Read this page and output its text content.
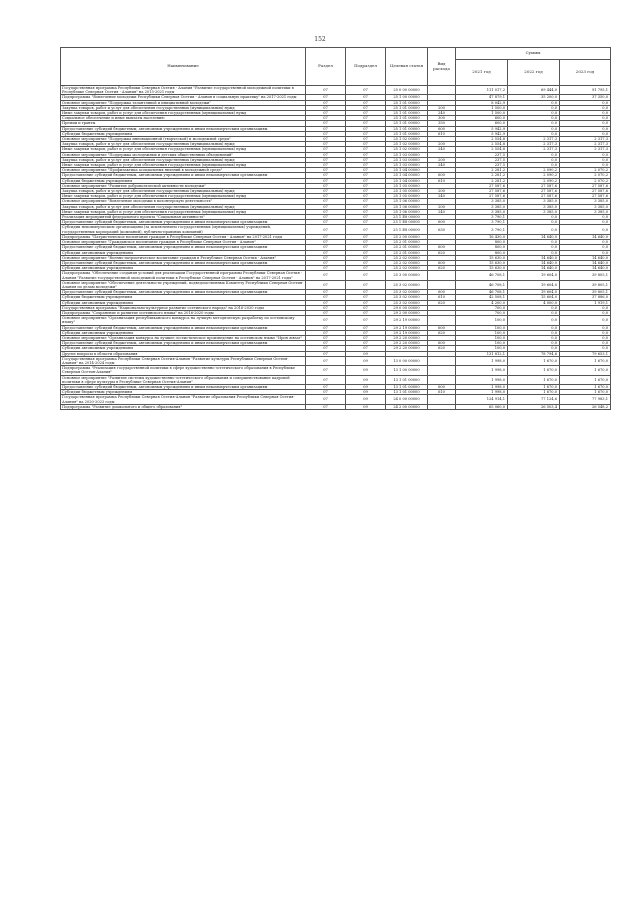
152
Наименование	Раздел	Подраздел	Целевая статья	Вид расхода	Суммы		
					2021 год	2022 год	2023 год
Государственная программа Республики Северная Осетия - Алания "Развитие государственной молодежной политики в Республике Северная Осетия - Алания" на 2015-2021 годы	07	07	25 0 00 00000		111 017,2	69 444,0	91 795,1
Подпрограмма "Вовлечение молодежи Республики Северная Осетия - Алания в социальную практику" на 2017-2021 годы	07	07	25 1 00 00000		47 879,1	35 200,0	37 350,0
Основное мероприятие "Поддержка талантливой и инициативной молодежи"	07	07	25 1 01 00000		8 042,9	0,0	0,0
Закупка товаров, работ и услуг для обеспечения государственных (муниципальных) нужд	07	07	25 1 01 00000	200	1 500,0	0,0	0,0
Иные закупки товаров, работ и услуг для обеспечения государственных (муниципальных) нужд	07	07	25 1 01 00000	240	1 500,0	0,0	0,0
Социальное обеспечение и иные выплаты населению	07	07	25 1 01 00000	300	600,0	0,0	0,0
Премии и гранты	07	07	25 1 01 00000	350	600,0	0,0	0,0
Предоставление субсидий бюджетным, автономным учреждениям и иным некоммерческим организациям	07	07	25 1 01 00000	600	5 942,9	0,0	0,0
Субсидии бюджетным учреждениям	07	07	25 1 01 00000	610	5 942,9	0,0	0,0
Основное мероприятие "Поддержка инновационной (творческой) и молодежной среды"	07	07	25 1 02 00000		2 554,8	2 317,3	2 317,3
Закупка товаров, работ и услуг для обеспечения государственных (муниципальных) нужд	07	07	25 1 02 00000	200	2 554,8	2 317,3	2 317,3
Иные закупки товаров, работ и услуг для обеспечения государственных (муниципальных) нужд	07	07	25 1 02 00000	240	2 554,8	2 317,3	2 317,3
Основное мероприятие "Поддержка молодежных и детских общественных объединений"	07	07	25 1 03 00000		237,5	0,0	0,0
Закупка товаров, работ и услуг для обеспечения государственных (муниципальных) нужд	07	07	25 1 03 00000	200	237,5	0,0	0,0
Иные закупки товаров, работ и услуг для обеспечения государственных (муниципальных) нужд	07	07	25 1 03 00000	240	237,5	0,0	0,0
Основное мероприятие "Профилактика асоциальных явлений в молодежной среде"	07	07	25 1 04 00000		2 281,2	2 090,2	2 070,2
Предоставление субсидий бюджетным, автономным учреждениям и иным некоммерческим организациям	07	07	25 1 04 00000	600	2 281,2	2 090,2	2 070,2
Субсидии бюджетным учреждениям	07	07	25 1 04 00000	610	2 281,2	2 090,2	2 070,2
Основное мероприятие "Развитие добровольческой активности молодежи"	07	07	25 1 05 00000		27 587,6	27 587,6	27 587,6
Закупка товаров, работ и услуг для обеспечения государственных (муниципальных) нужд	07	07	25 1 05 00000	200	27 587,6	27 587,6	27 587,6
Иные закупки товаров, работ и услуг для обеспечения государственных (муниципальных) нужд	07	07	25 1 05 00000	240	27 587,6	27 587,6	27 587,6
Основное мероприятие "Вовлечение молодежи в волонтерскую деятельность"	07	07	25 1 06 00000		3 385,0	3 385,0	3 385,0
Закупка товаров, работ и услуг для обеспечения государственных (муниципальных) нужд	07	07	25 1 06 00000	200	3 385,0	3 385,0	3 385,0
Иные закупки товаров, работ и услуг для обеспечения государственных (муниципальных) нужд	07	07	25 1 06 00000	240	3 385,0	3 385,0	3 385,0
Реализация мероприятий федерального проекта "Социальная активность"	07	07	25 1 E8 00000		3 790,1	0,0	0,0
Предоставление субсидий бюджетным, автономным учреждениям и иным некоммерческим организациям	07	07	25 1 E8 00000	600	3 790,1	0,0	0,0
Субсидии некоммерческим организациям (за исключением государственных (муниципальных) учреждений, государственных корпораций (компаний), публично-правовых компаний)	07	07	25 1 E8 00000	630	3 790,1	0,0	0,0
Подпрограмма "Патриотическое воспитание граждан в Республике Северная Осетия - Алания" на 2017-2021 годы	07	07	25 2 00 00000		16 430,0	14 640,0	14 640,0
Основное мероприятие "Гражданское воспитание граждан в Республике Северная Осетия - Алания"	07	07	25 2 01 00000		800,0	0,0	0,0
Предоставление субсидий бюджетным, автономным учреждениям и иным некоммерческим организациям	07	07	25 2 01 00000	600	800,0	0,0	0,0
Субсидии автономным учреждениям	07	07	25 2 01 00000	620	800,0	0,0	0,0
Основное мероприятие "Военно-патриотическое воспитание граждан в Республике Северная Осетия - Алания"	07	07	25 2 02 00000		15 630,0	14 640,0	14 640,0
Предоставление субсидий бюджетным, автономным учреждениям и иным некоммерческим организациям	07	07	25 2 02 00000	600	15 630,0	14 640,0	14 640,0
Субсидии автономным учреждениям	07	07	25 2 02 00000	620	15 630,0	14 640,0	14 640,0
Подпрограмма "Обеспечение создания условий для реализации Государственной программы Республики Северная Осетия - Алания "Развитие государственной молодежной политики в Республике Северная Осетия - Алания" на 2017-2021 годы"	07	07	25 3 00 00000		46 708,1	19 604,0	39 805,1
Основное мероприятие "Обеспечение деятельности учреждений, подведомственных Комитету Республики Северная Осетия-Алания по делам молодежи"	07	07	25 3 02 00000		46 708,1	19 604,0	39 805,1
Предоставление субсидий бюджетным, автономным учреждениям и иным некоммерческим организациям	07	07	25 3 02 00000	600	46 708,1	19 604,0	39 805,1
Субсидии бюджетным учреждениям	07	07	25 3 02 00000	610	42 508,1	15 604,0	37 886,0
Субсидии автономным учреждениям	07	07	25 3 02 00000	620	4 200,0	4 000,0	1 919,1
Государственная программа "Национально-культурное развитие осетинского народа" на 2016-2020 годы	07	07	29 0 00 00000		700,0	0,0	0,0
Подпрограмма "Сохранение и развитие осетинского языка" на 2016-2020 годы	07	07	29 2 00 00000		700,0	0,0	0,0
Основное мероприятие "Организация республиканского конкурса на лучшую методическую разработку по осетинскому языку"	07	07	29 2 19 00000		100,0	0,0	0,0
Предоставление субсидий бюджетным, автономным учреждениям и иным некоммерческим организациям	07	07	29 2 19 00000	600	100,0	0,0	0,0
Субсидии автономным учреждениям	07	07	29 2 19 00000	620	100,0	0,0	0,0
Основное мероприятие "Организация конкурса на лучшее эссеистическое произведение на осетинском языке "Ирон ӕвзаг"	07	07	29 2 20 00000		100,0	0,0	0,0
Предоставление субсидий бюджетным, автономным учреждениям и иным некоммерческим организациям	07	07	29 2 20 00000	600	100,0	0,0	0,0
Субсидии автономным учреждениям	07	07	29 2 20 00000	620	100,0	0,0	0,0
Другие вопросы в области образования	07	09			131 812,1	78 794,6	79 653,1
Государственная программа Республики Северная Осетия-Алания "Развитие культуры Республики Северная Осетия-Алания" на 2014-2024 годы	07	09	13 0 00 00000		1 998,0	1 670,0	1 670,0
Подпрограмма "Реализация государственной политики в сфере художественно-эстетического образования в Республике Северная Осетия-Алания"	07	09	13 1 00 00000		1 998,0	1 670,0	1 670,0
Основное мероприятие "Развитие системы художественно-эстетического образования и совершенствование кадровой политики в сфере культуры в Республике Северная Осетия-Алания"	07	09	13 1 01 00000		1 998,0	1 670,0	1 670,0
Предоставление субсидий бюджетным, автономным учреждениям и иным некоммерческим организациям	07	09	13 1 01 00000	600	1 998,0	1 670,0	1 670,0
Субсидии бюджетным учреждениям	07	09	13 1 01 00000	610	1 998,0	1 670,0	1 670,0
Государственная программа Республики Северная Осетия-Алания "Развитие образования Республики Северная Осетия-Алания" на 2020-2023 годы	07	09	24 0 00 00000		124 914,1	77 124,6	77 983,1
Подпрограмма "Развитие дошкольного и общего образования"	07	09	24 2 00 00000		65 060,0	26 503,4	26 548,2
